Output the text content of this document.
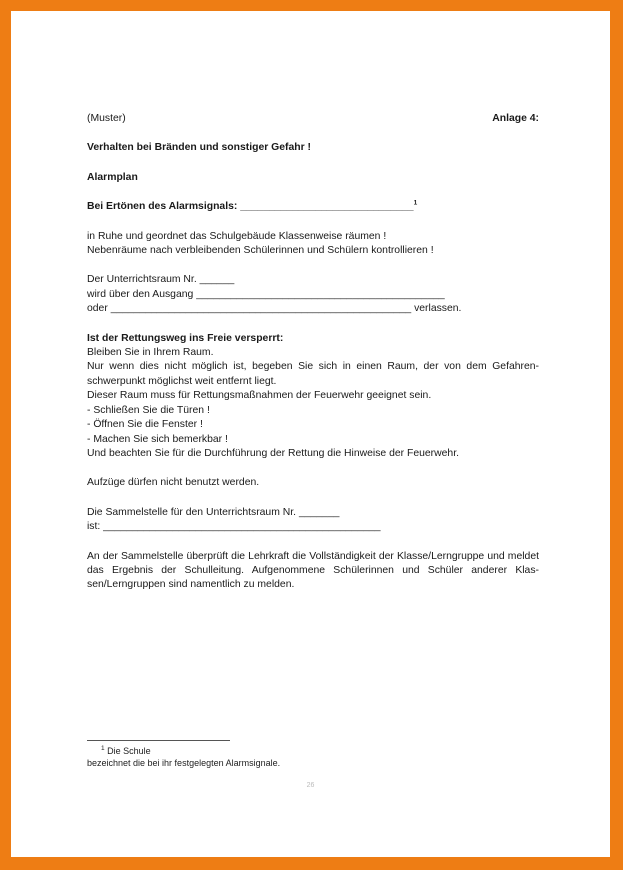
(Muster)	Anlage 4:

Verhalten bei Bränden und sonstiger Gefahr !

Alarmplan

Bei Ertönen des Alarmsignals: ______________________________$^1$

in Ruhe und geordnet das Schulgebäude Klassenweise räumen !

Nebenräume nach verbleibenden Schülerinnen und Schülern kontrollieren !

Der Unterrichtsraum Nr. ______

wird über den Ausgang ___________________________________________

oder ____________________________________________________ verlassen.

Ist der Rettungsweg ins Freie versperrt:

Bleiben Sie in Ihrem Raum.

Nur wenn dies nicht möglich ist, begeben Sie sich in einen Raum, der von dem Gefahren-schwerpunkt möglichst weit entfernt liegt.

Dieser Raum muss für Rettungsmaßnahmen der Feuerwehr geeignet sein.

- Schließen Sie die Türen !

- Öffnen Sie die Fenster !

- Machen Sie sich bemerkbar !

Und beachten Sie für die Durchführung der Rettung die Hinweise der Feuerwehr.

Aufzüge dürfen nicht benutzt werden.

Die Sammelstelle für den Unterrichtsraum Nr. _______

ist: ________________________________________________

An der Sammelstelle überprüft die Lehrkraft die Vollständigkeit der Klasse/Lerngruppe und meldet das Ergebnis der Schulleitung. Aufgenommene Schülerinnen und Schüler anderer Klas-sen/Lerngruppen sind namentlich zu melden.

$^1$ Die Schule
bezeichnet die bei ihr festgelegten Alarmsignale.
26
